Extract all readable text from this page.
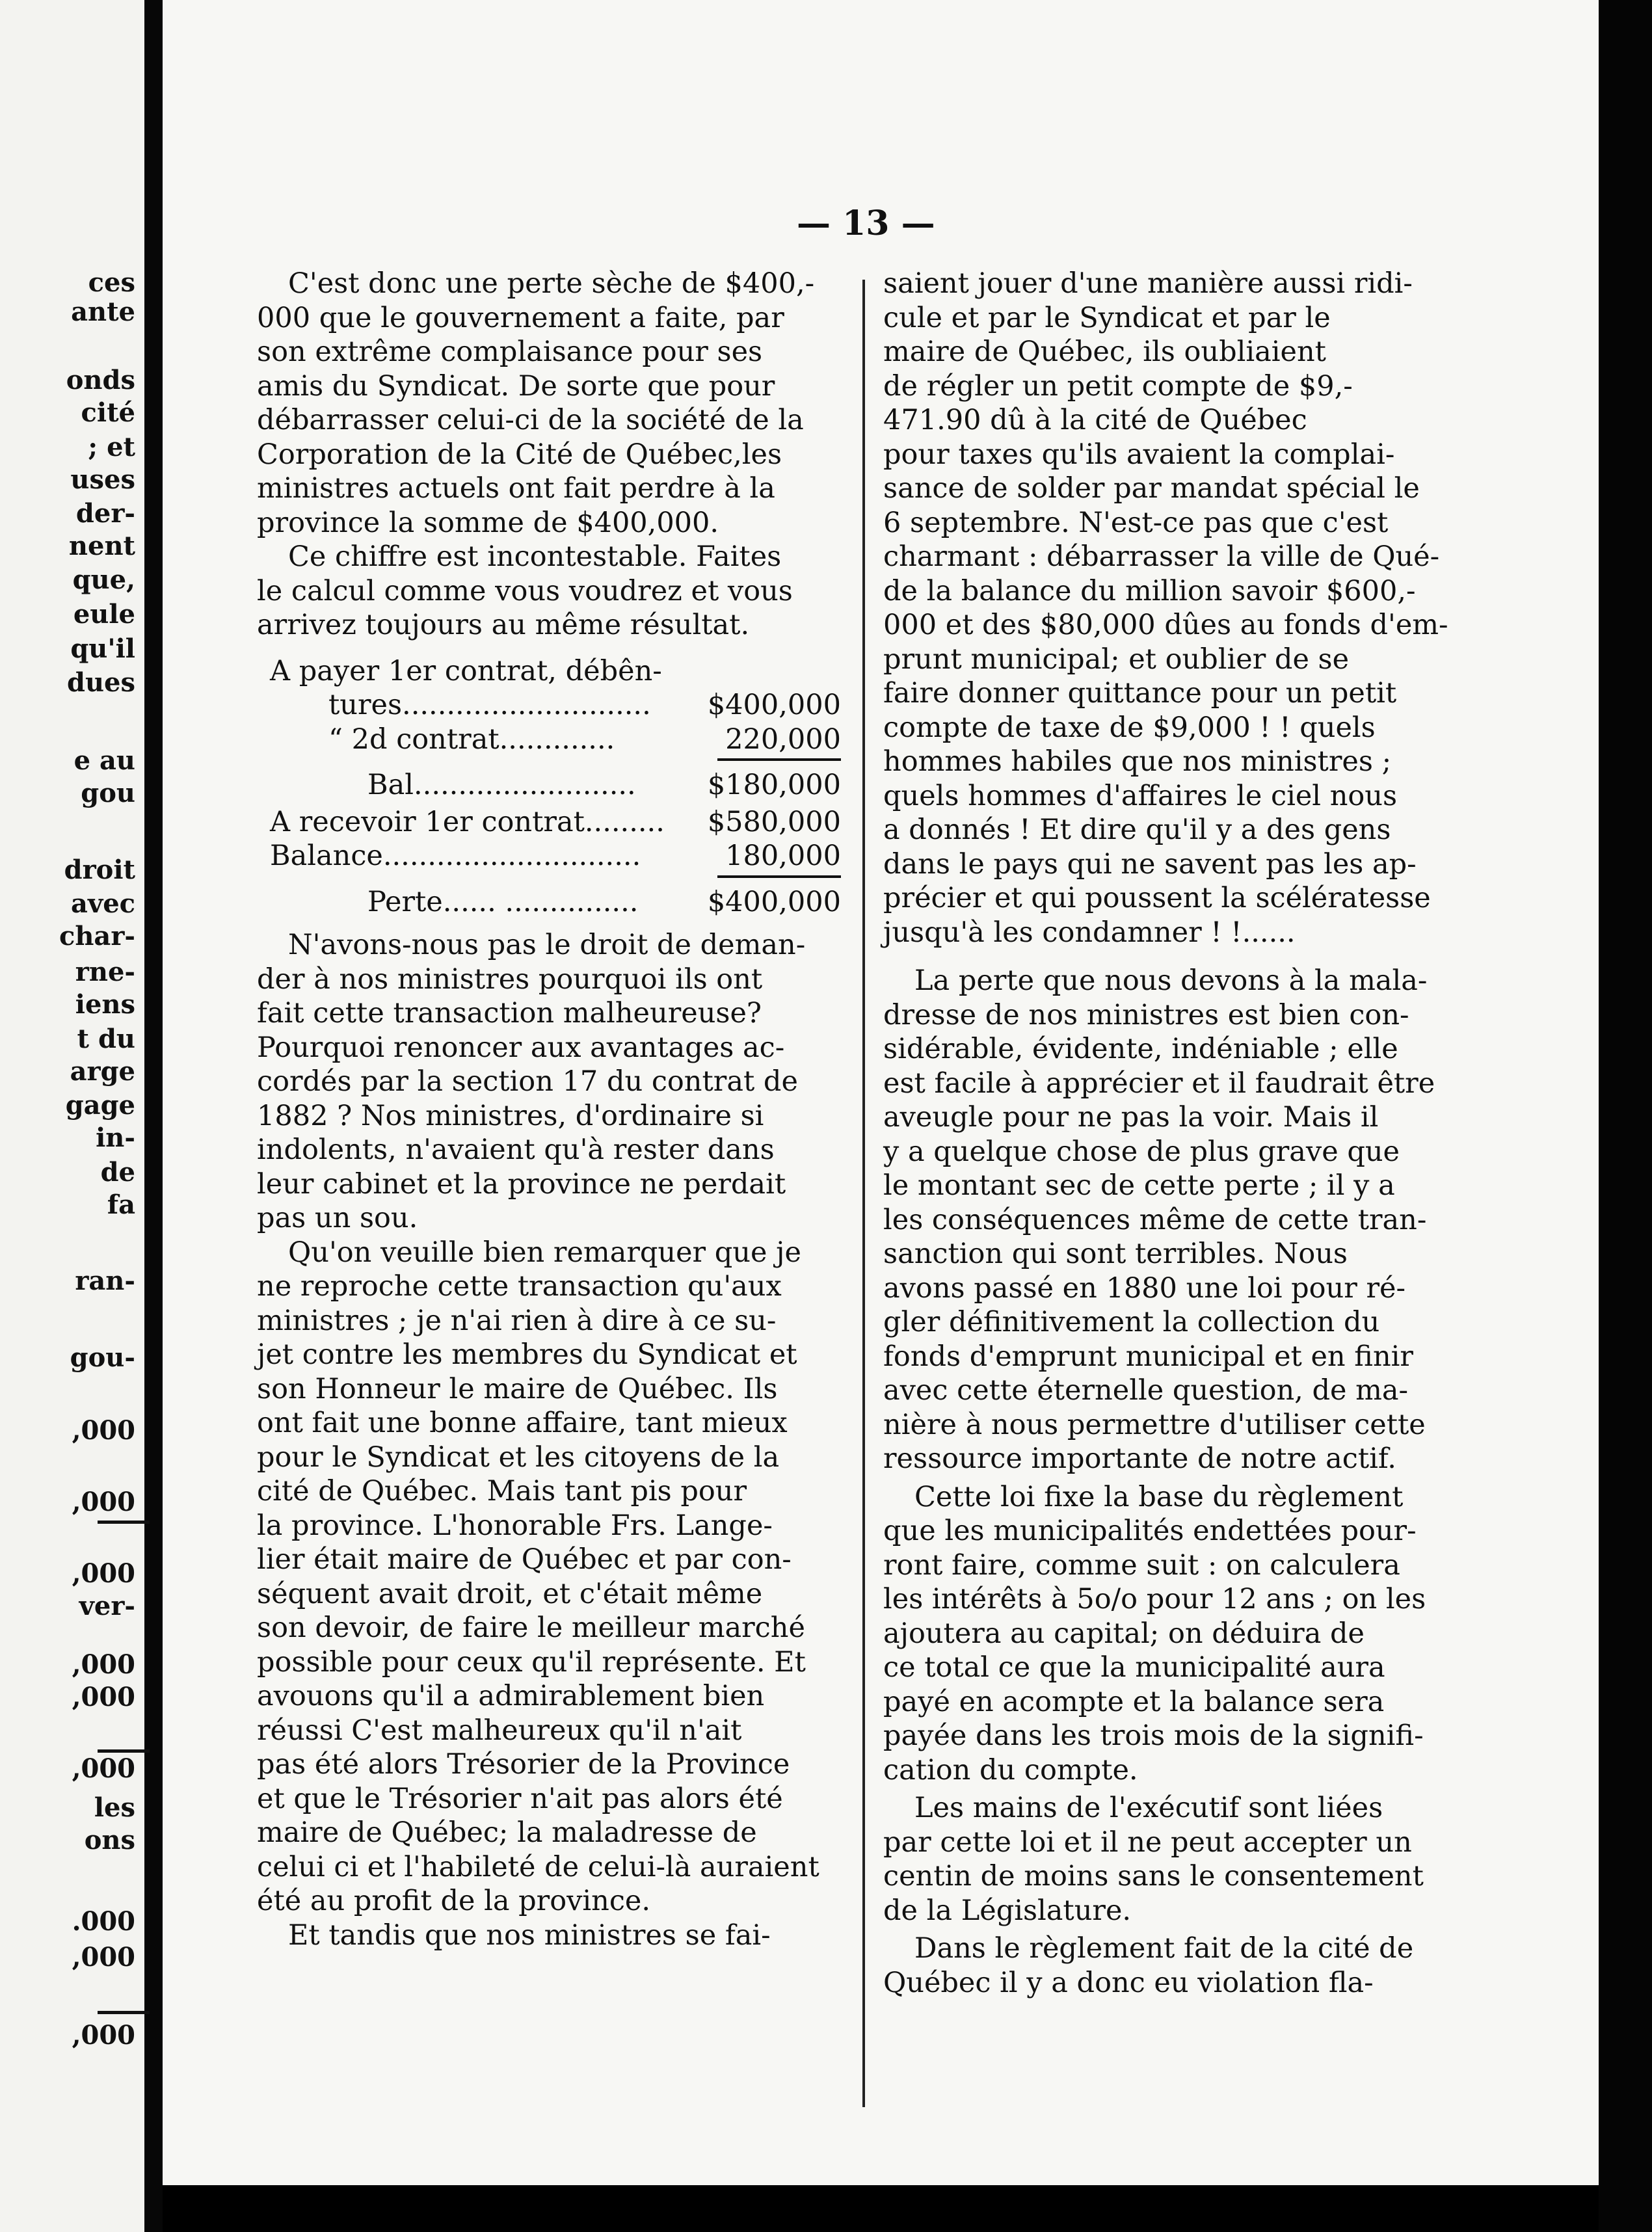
— 13 —
C'est donc une perte sèche de $400,-
000 que le gouvernement a faite, par
son extrême complaisance pour ses
amis du Syndicat. De sorte que pour
débarrasser celui-ci de la société de la
Corporation de la Cité de Québec,les
ministres actuels ont fait perdre à la
province la somme de $400,000.
Ce chiffre est incontestable. Faites
le calcul comme vous voudrez et vous
arrivez toujours au même résultat.
A payer 1er contrat, débên-
tures............................ $400,000
“ 2d contrat.............	220,000
Bal.........................	$180,000
A recevoir 1er contrat......... $580,000
Balance.............................	180,000
Perte...... ............... $400,000
N'avons-nous pas le droit de deman-
der à nos ministres pourquoi ils ont
fait cette transaction malheureuse?
Pourquoi renoncer aux avantages ac-
cordés par la section 17 du contrat de
1882 ? Nos ministres, d'ordinaire si
indolents, n'avaient qu'à rester dans
leur cabinet et la province ne perdait
pas un sou.
Qu'on veuille bien remarquer que je
ne reproche cette transaction qu'aux
ministres ; je n'ai rien à dire à ce su-
jet contre les membres du Syndicat et
son Honneur le maire de Québec. Ils
ont fait une bonne affaire, tant mieux
pour le Syndicat et les citoyens de la
cité de Québec. Mais tant pis pour
la province. L'honorable Frs. Lange-
lier était maire de Québec et par con-
séquent avait droit, et c'était même
son devoir, de faire le meilleur marché
possible pour ceux qu'il représente. Et
avouons qu'il a admirablement bien
réussi C'est malheureux qu'il n'ait
pas été alors Trésorier de la Province
et que le Trésorier n'ait pas alors été
maire de Québec; la maladresse de
celui ci et l'habileté de celui-là auraient
été au profit de la province.
Et tandis que nos ministres se fai-
saient jouer d'une manière aussi ridi-
cule et par le Syndicat et par le
maire de Québec, ils oubliaient
de régler un petit compte de $9,-
471.90 dû à la cité de Québec
pour taxes qu'ils avaient la complai-
sance de solder par mandat spécial le
6 septembre. N'est-ce pas que c'est
charmant : débarrasser la ville de Qué-
de la balance du million savoir $600,-
000 et des $80,000 dûes au fonds d'em-
prunt municipal; et oublier de se
faire donner quittance pour un petit
compte de taxe de $9,000 ! ! quels
hommes habiles que nos ministres ;
quels hommes d'affaires le ciel nous
a donnés ! Et dire qu'il y a des gens
dans le pays qui ne savent pas les ap-
précier et qui poussent la scélératesse
jusqu'à les condamner ! !......
La perte que nous devons à la mala-
dresse de nos ministres est bien con-
sidérable, évidente, indéniable ; elle
est facile à apprécier et il faudrait être
aveugle pour ne pas la voir. Mais il
y a quelque chose de plus grave que
le montant sec de cette perte ; il y a
les conséquences même de cette tran-
sanction qui sont terribles. Nous
avons passé en 1880 une loi pour ré-
gler définitivement la collection du
fonds d'emprunt municipal et en finir
avec cette éternelle question, de ma-
nière à nous permettre d'utiliser cette
ressource importante de notre actif.
Cette loi fixe la base du règlement
que les municipalités endettées pour-
ront faire, comme suit : on calculera
les intérêts à 5o/o pour 12 ans ; on les
ajoutera au capital; on déduira de
ce total ce que la municipalité aura
payé en acompte et la balance sera
payée dans les trois mois de la signifi-
cation du compte.
Les mains de l'exécutif sont liées
par cette loi et il ne peut accepter un
centin de moins sans le consentement
de la Législature.
Dans le règlement fait de la cité de
Québec il y a donc eu violation fla-
ces
ante
onds
cité
; et
uses
der-
nent
que,
eule
qu'il
dues
e au
gou
droit
avec
char-
rne-
iens
t du
arge
gage
in-
de
fa
ran-
gou-
,000
,000
,000
ver-
,000
,000
,000
les
ons
.000
,000
,000
